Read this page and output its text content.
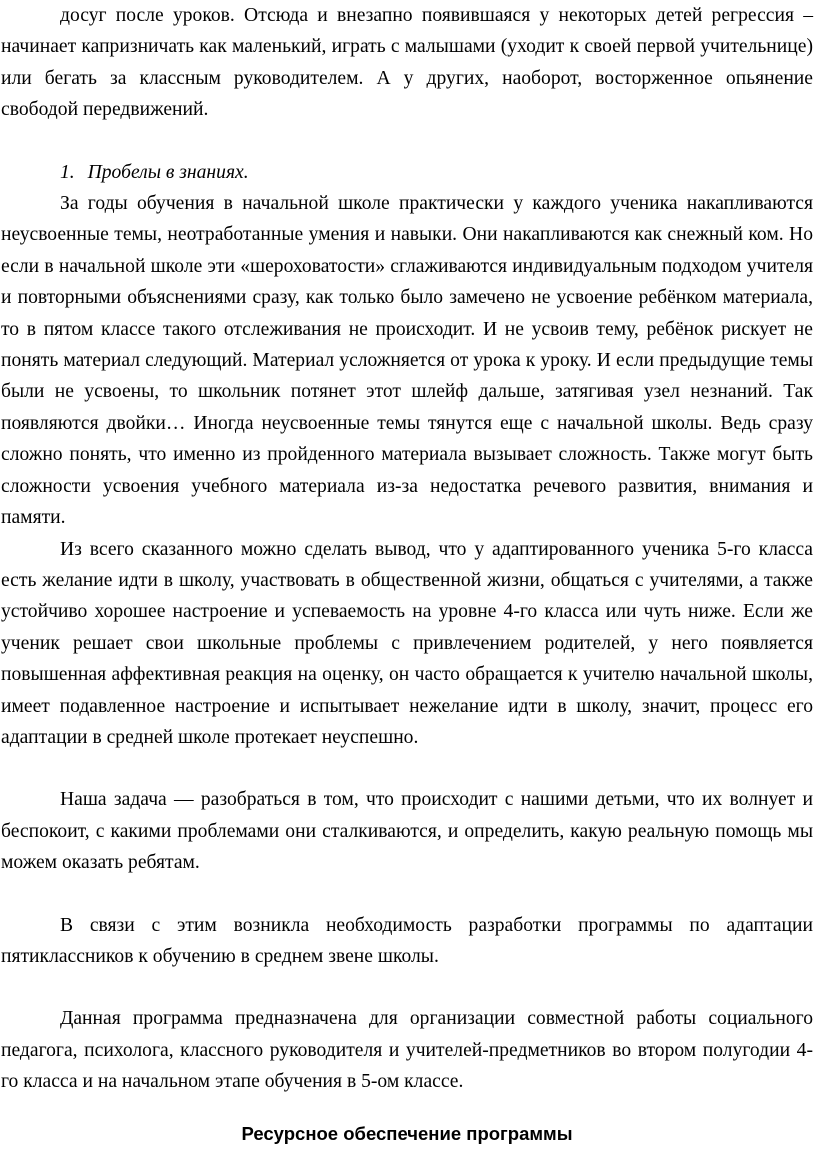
досуг после уроков. Отсюда и внезапно появившаяся у некоторых детей регрессия – начинает капризничать как маленький, играть с малышами (уходит к своей первой учительнице) или бегать за классным руководителем. А у других, наоборот, восторженное опьянение свободой передвижений.

1. Пробелы в знаниях.

За годы обучения в начальной школе практически у каждого ученика накапливаются неусвоенные темы, неотработанные умения и навыки. Они накапливаются как снежный ком. Но если в начальной школе эти «шероховатости» сглаживаются индивидуальным подходом учителя и повторными объяснениями сразу, как только было замечено не усвоение ребёнком материала, то в пятом классе такого отслеживания не происходит. И не усвоив тему, ребёнок рискует не понять материал следующий. Материал усложняется от урока к уроку. И если предыдущие темы были не усвоены, то школьник потянет этот шлейф дальше, затягивая узел незнаний. Так появляются двойки… Иногда неусвоенные темы тянутся еще с начальной школы. Ведь сразу сложно понять, что именно из пройденного материала вызывает сложность. Также могут быть сложности усвоения учебного материала из-за недостатка речевого развития, внимания и памяти.

Из всего сказанного можно сделать вывод, что у адаптированного ученика 5-го класса есть желание идти в школу, участвовать в общественной жизни, общаться с учителями, а также устойчиво хорошее настроение и успеваемость на уровне 4-го класса или чуть ниже. Если же ученик решает свои школьные проблемы с привлечением родителей, у него появляется повышенная аффективная реакция на оценку, он часто обращается к учителю начальной школы, имеет подавленное настроение и испытывает нежелание идти в школу, значит, процесс его адаптации в средней школе протекает неуспешно.

Наша задача — разобраться в том, что происходит с нашими детьми, что их волнует и беспокоит, с какими проблемами они сталкиваются, и определить, какую реальную помощь мы можем оказать ребятам.

В связи с этим возникла необходимость разработки программы по адаптации пятиклассников к обучению в среднем звене школы.

Данная программа предназначена для организации совместной работы социального педагога, психолога, классного руководителя и учителей-предметников во втором полугодии 4-го класса и на начальном этапе обучения в 5-ом классе.

Ресурсное обеспечение программы
